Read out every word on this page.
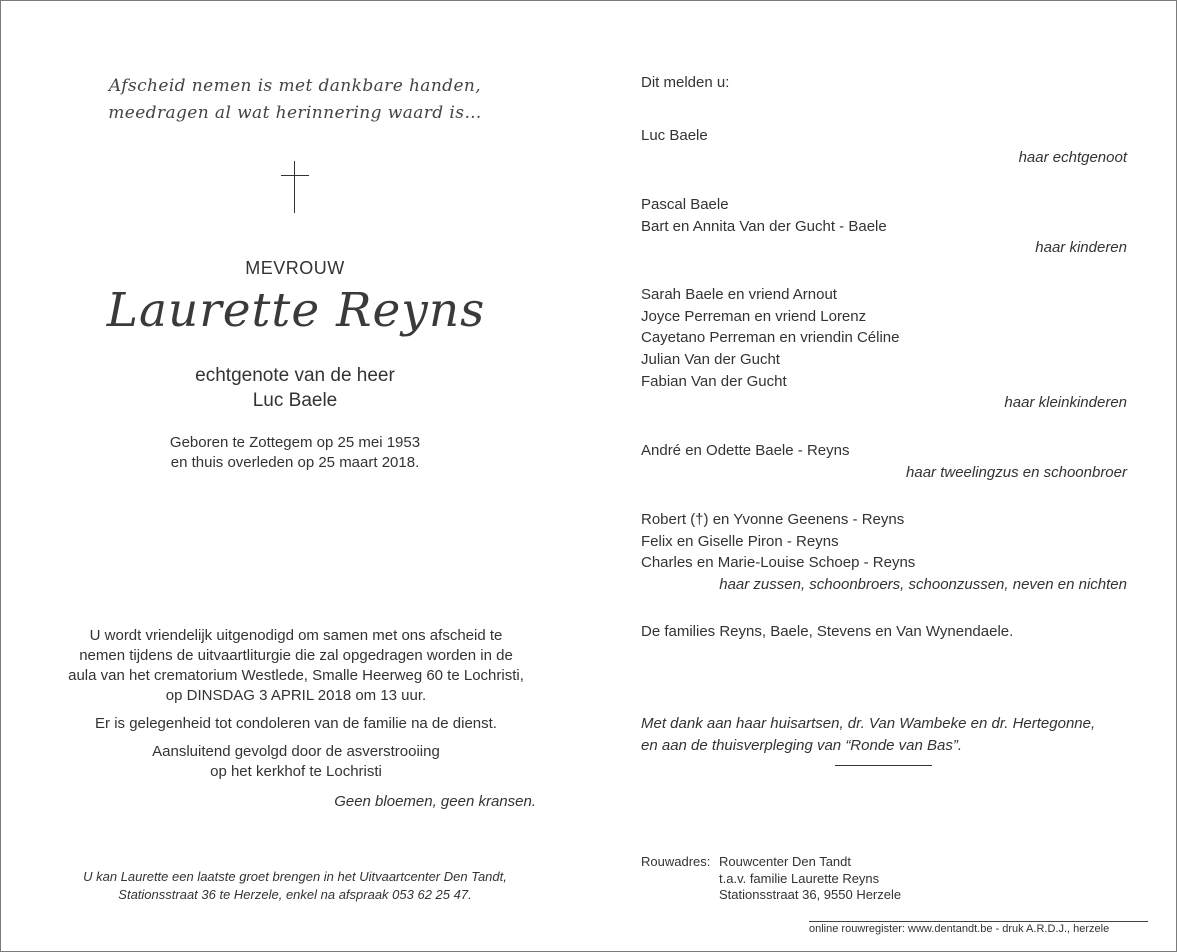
Afscheid nemen is met dankbare handen,
meedragen al wat herinnering waard is…
MEVROUW
Laurette Reyns
echtgenote van de heer
Luc Baele
Geboren te Zottegem op 25 mei 1953
en thuis overleden op 25 maart 2018.

U wordt vriendelijk uitgenodigd om samen met ons afscheid te
nemen tijdens de uitvaartliturgie die zal opgedragen worden in de
aula van het crematorium Westlede, Smalle Heerweg 60 te Lochristi,
op DINSDAG 3 APRIL 2018 om 13 uur.

Er is gelegenheid tot condoleren van de familie na de dienst.

Aansluitend gevolgd door de asverstrooiing
op het kerkhof te Lochristi

Geen bloemen, geen kransen.
U kan Laurette een laatste groet brengen in het Uitvaartcenter Den Tandt,
Stationsstraat 36 te Herzele, enkel na afspraak 053 62 25 47.
Dit melden u:
Luc Baele
haar echtgenoot
Pascal Baele
Bart en Annita Van der Gucht - Baele
haar kinderen
Sarah Baele en vriend Arnout
Joyce Perreman en vriend Lorenz
Cayetano Perreman en vriendin Céline
Julian Van der Gucht
Fabian Van der Gucht
haar kleinkinderen
André en Odette Baele - Reyns
haar tweelingzus en schoonbroer
Robert (†) en Yvonne Geenens - Reyns
Felix en Giselle Piron - Reyns
Charles en Marie-Louise Schoep - Reyns
haar zussen, schoonbroers, schoonzussen, neven en nichten
De families Reyns, Baele, Stevens en Van Wynendaele.
Met dank aan haar huisartsen, dr. Van Wambeke en dr. Hertegonne,
en aan de thuisverpleging van “Ronde van Bas”.
Rouwadres: Rouwcenter Den Tandt
t.a.v. familie Laurette Reyns
Stationsstraat 36, 9550 Herzele
online rouwregister: www.dentandt.be - druk A.R.D.J., herzele
